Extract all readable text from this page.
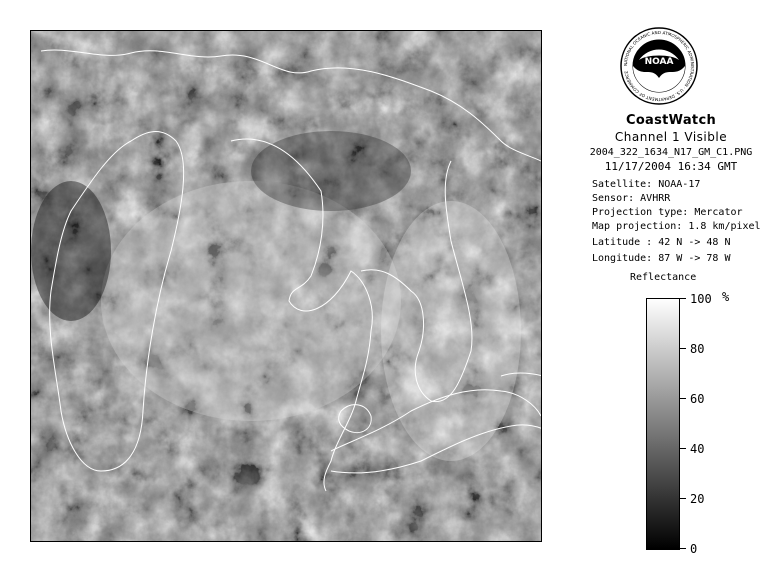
NOAA
NATIONAL OCEANIC AND ATMOSPHERIC ADMINISTRATION · U.S. DEPARTMENT OF COMMERCE
CoastWatch
Channel 1 Visible
2004_322_1634_N17_GM_C1.PNG
11/17/2004 16:34 GMT
Satellite: NOAA-17
Sensor: AVHRR
Projection type: Mercator
Map projection: 1.8 km/pixel
Latitude : 42 N -> 48 N
Longitude: 87 W -> 78 W
Reflectance
%
100
80
60
40
20
0
